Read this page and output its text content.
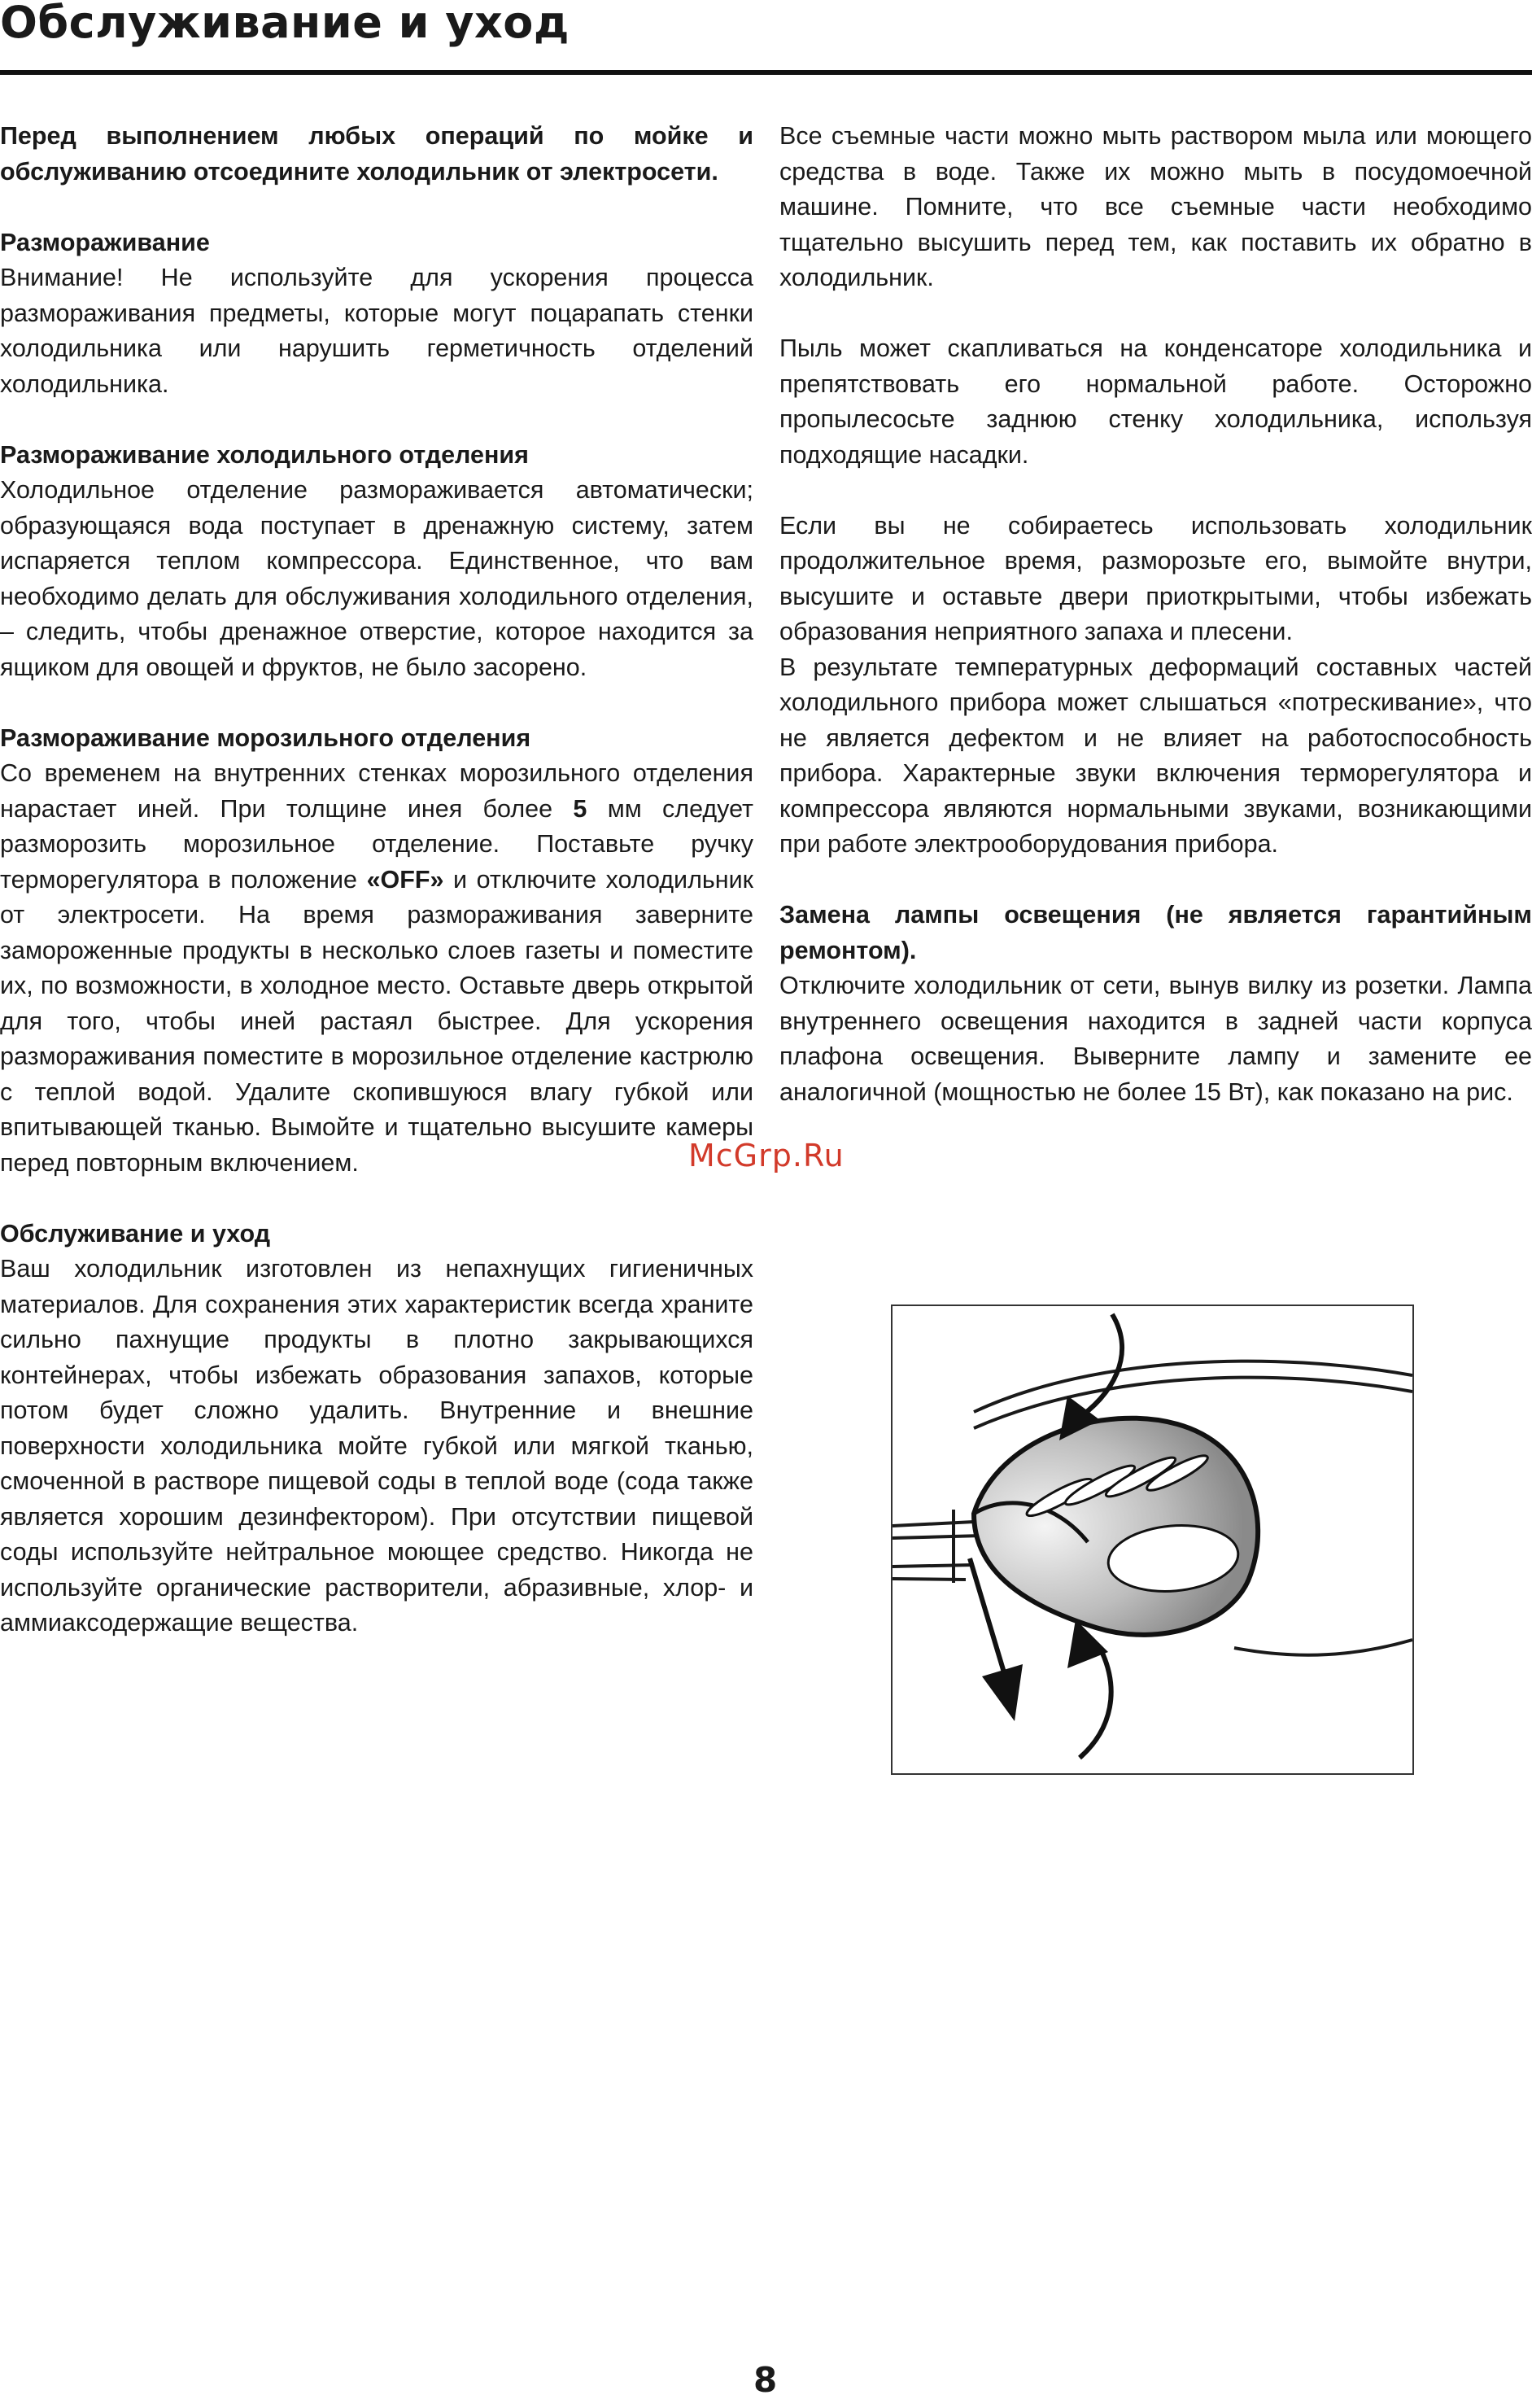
Обслуживание и уход

Перед выполнением любых операций по мойке и обслуживанию отсоедините холодильник от электросети.

Размораживание

Внимание! Не используйте для ускорения процесса размораживания предметы, которые могут поцарапать стенки холодильника или нарушить герметичность отделений холодильника.

Размораживание холодильного отделения

Холодильное отделение размораживается автоматически; образующаяся вода поступает в дренажную систему, затем испаряется теплом компрессора. Единственное, что вам необходимо делать для обслуживания холодильного отделения, – следить, чтобы дренажное отверстие, которое находится за ящиком для овощей и фруктов, не было засорено.

Размораживание морозильного отделения

Со временем на внутренних стенках морозильного отделения нарастает иней. При толщине инея более 5 мм следует разморозить морозильное отделение. Поставьте ручку терморегулятора в положение «OFF» и отключите холодильник от электросети. На время размораживания заверните замороженные продукты в несколько слоев газеты и поместите их, по возможности, в холодное место. Оставьте дверь открытой для того, чтобы иней растаял быстрее. Для ускорения размораживания поместите в морозильное отделение кастрюлю с теплой водой. Удалите скопившуюся влагу губкой или впитывающей тканью. Вымойте и тщательно высушите камеры перед повторным включением.

Обслуживание и уход

Ваш холодильник изготовлен из непахнущих гигиеничных материалов. Для сохранения этих характеристик всегда храните сильно пахнущие продукты в плотно закрывающихся контейнерах, чтобы избежать образования запахов, которые потом будет сложно удалить. Внутренние и внешние поверхности холодильника мойте губкой или мягкой тканью, смоченной в растворе пищевой соды в теплой воде (сода также является хорошим дезинфектором). При отсутствии пищевой соды используйте нейтральное моющее средство. Никогда не используйте органические растворители, абразивные, хлор- и аммиаксодержащие вещества.

Все съемные части можно мыть раствором мыла или моющего средства в воде. Также их можно мыть в посудомоечной машине. Помните, что все съемные части необходимо тщательно высушить перед тем, как поставить их обратно в холодильник.

Пыль может скапливаться на конденсаторе холодильника и препятствовать его нормальной работе. Осторожно пропылесосьте заднюю стенку холодильника, используя подходящие насадки.

Если вы не собираетесь использовать холодильник продолжительное время, разморозьте его, вымойте внутри, высушите и оставьте двери приоткрытыми, чтобы избежать образования неприятного запаха и плесени.

В результате температурных деформаций составных частей холодильного прибора может слышаться «потрескивание», что не является дефектом и не влияет на работоспособность прибора. Характерные звуки включения терморегулятора и компрессора являются нормальными звуками, возникающими при работе электрооборудования прибора.

Замена лампы освещения (не является гарантийным ремонтом).

Отключите холодильник от сети, вынув вилку из розетки. Лампа внутреннего освещения находится в задней части корпуса плафона освещения. Выверните лампу и замените ее аналогичной (мощностью не более 15 Вт), как показано на рис.

McGrp.Ru
8
